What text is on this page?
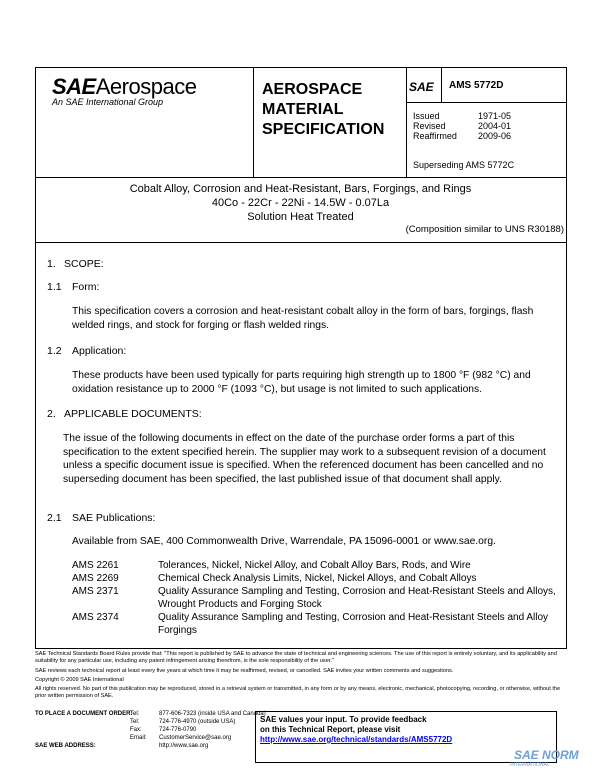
SAEAerospace
An SAE International Group
AEROSPACE
MATERIAL
SPECIFICATION
SAE AMS 5772D
Issued	1971-05
Revised	2004-01
Reaffirmed 2009-06
Superseding AMS 5772C
Cobalt Alloy, Corrosion and Heat-Resistant, Bars, Forgings, and Rings
40Co - 22Cr - 22Ni - 14.5W - 0.07La
Solution Heat Treated
(Composition similar to UNS R30188)
1. SCOPE:
1.1 Form:
This specification covers a corrosion and heat-resistant cobalt alloy in the form of bars, forgings, flash welded rings, and stock for forging or flash welded rings.
1.2 Application:
These products have been used typically for parts requiring high strength up to 1800 °F (982 °C) and oxidation resistance up to 2000 °F (1093 °C), but usage is not limited to such applications.
2. APPLICABLE DOCUMENTS:
The issue of the following documents in effect on the date of the purchase order forms a part of this specification to the extent specified herein. The supplier may work to a subsequent revision of a document unless a specific document issue is specified. When the referenced document has been cancelled and no superseding document has been specified, the last published issue of that document shall apply.
2.1 SAE Publications:
Available from SAE, 400 Commonwealth Drive, Warrendale, PA 15096-0001 or www.sae.org.
AMS 2261	Tolerances, Nickel, Nickel Alloy, and Cobalt Alloy Bars, Rods, and Wire
AMS 2269	Chemical Check Analysis Limits, Nickel, Nickel Alloys, and Cobalt Alloys
AMS 2371	Quality Assurance Sampling and Testing, Corrosion and Heat-Resistant Steels and Alloys, Wrought Products and Forging Stock
AMS 2374	Quality Assurance Sampling and Testing, Corrosion and Heat-Resistant Steels and Alloy Forgings
SAE Technical Standards Board Rules provide that: "This report is published by SAE to advance the state of technical and engineering sciences. The use of this report is entirely voluntary, and its applicability and suitability for any particular use, including any patent infringement arising therefrom, is the sole responsibility of the user."
SAE reviews each technical report at least every five years at which time it may be reaffirmed, revised, or cancelled. SAE invites your written comments and suggestions.
Copyright © 2009 SAE International
All rights reserved. No part of this publication may be reproduced, stored in a retrieval system or transmitted, in any form or by any means, electronic, mechanical, photocopying, recording, or otherwise, without the prior written permission of SAE.
TO PLACE A DOCUMENT ORDER:
Tel:	877-606-7323 (inside USA and Canada)
Tel:	724-776-4970 (outside USA)
Fax:	724-776-0790
Email: CustomerService@sae.org
SAE WEB ADDRESS:	http://www.sae.org
SAE values your input. To provide feedback
on this Technical Report, please visit
http://www.sae.org/technical/standards/AMS5772D
SAE NORM
INTERNATIONAL
